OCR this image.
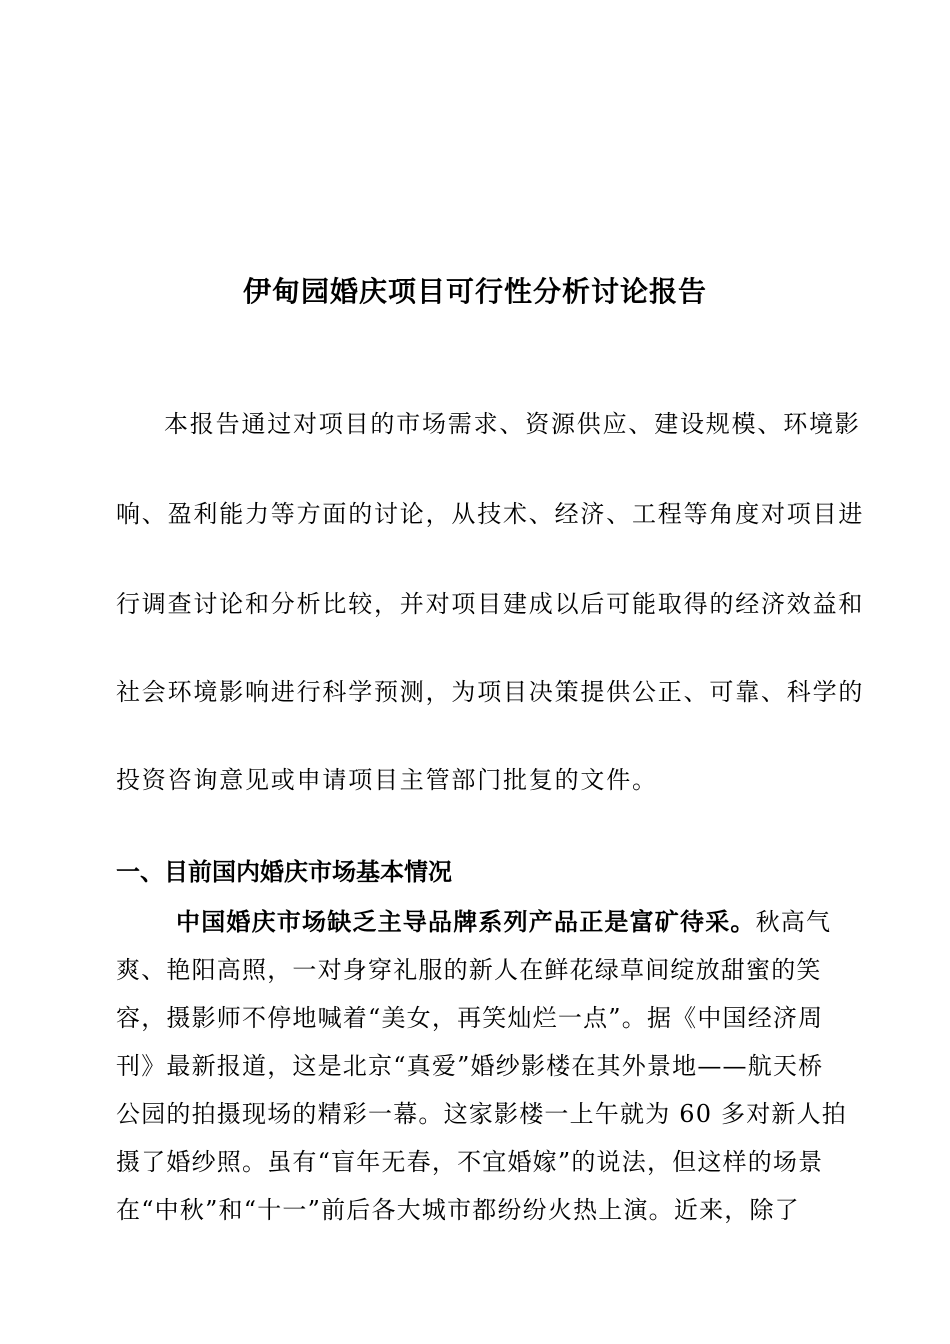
伊甸园婚庆项目可行性分析讨论报告
本报告通过对项目的市场需求、资源供应、建设规模、环境影
响、盈利能力等方面的讨论，从技术、经济、工程等角度对项目进
行调查讨论和分析比较，并对项目建成以后可能取得的经济效益和
社会环境影响进行科学预测，为项目决策提供公正、可靠、科学的
投资咨询意见或申请项目主管部门批复的文件。
一、目前国内婚庆市场基本情况
中国婚庆市场缺乏主导品牌系列产品正是富矿待采。秋高气
爽、艳阳高照，一对身穿礼服的新人在鲜花绿草间绽放甜蜜的笑
容，摄影师不停地喊着“美女，再笑灿烂一点”。据《中国经济周
刊》最新报道，这是北京“真爱”婚纱影楼在其外景地——航天桥
公园的拍摄现场的精彩一幕。这家影楼一上午就为 60 多对新人拍
摄了婚纱照。虽有“盲年无春，不宜婚嫁”的说法，但这样的场景
在“中秋”和“十一”前后各大城市都纷纷火热上演。近来，除了
